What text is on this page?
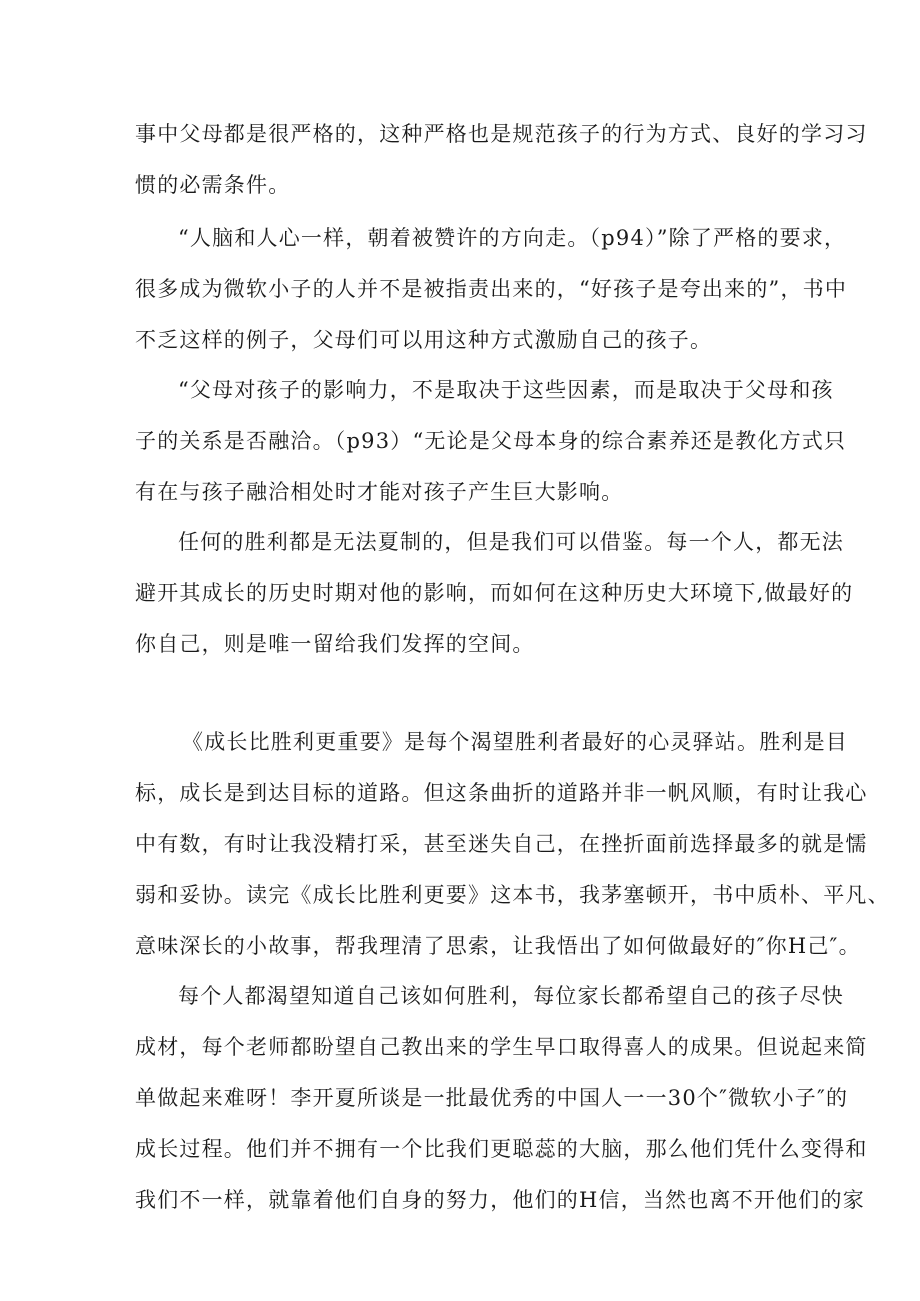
事中父母都是很严格的，这种严格也是规范孩子的行为方式、良好的学习习
惯的必需条件。
“人脑和人心一样，朝着被赞许的方向走。（p94）”除了严格的要求，
很多成为微软小子的人并不是被指责出来的，“好孩子是夸出来的”，书中
不乏这样的例子，父母们可以用这种方式激励自己的孩子。
“父母对孩子的影响力，不是取决于这些因素，而是取决于父母和孩
子的关系是否融洽。（p93）“无论是父母本身的综合素养还是教化方式只
有在与孩子融洽相处时才能对孩子产生巨大影响。
任何的胜利都是无法夏制的，但是我们可以借鉴。每一个人，都无法
避开其成长的历史时期对他的影响，而如何在这种历史大环境下,做最好的
你自己，则是唯一留给我们发挥的空间。
《成长比胜利更重要》是每个渴望胜利者最好的心灵驿站。胜利是目
标，成长是到达目标的道路。但这条曲折的道路并非一帆风顺，有时让我心
中有数，有时让我没精打采，甚至迷失自己，在挫折面前选择最多的就是懦
弱和妥协。读完《成长比胜利更要》这本书，我茅塞顿开，书中质朴、平凡、
意味深长的小故事，帮我理清了思索，让我悟出了如何做最好的″你H己″。
每个人都渴望知道自己该如何胜利，每位家长都希望自己的孩子尽快
成材，每个老师都盼望自己教出来的学生早口取得喜人的成果。但说起来简
单做起来难呀！李开夏所谈是一批最优秀的中国人一一30个″微软小子″的
成长过程。他们并不拥有一个比我们更聪蕊的大脑，那么他们凭什么变得和
我们不一样，就靠着他们自身的努力，他们的H信，当然也离不开他们的家
